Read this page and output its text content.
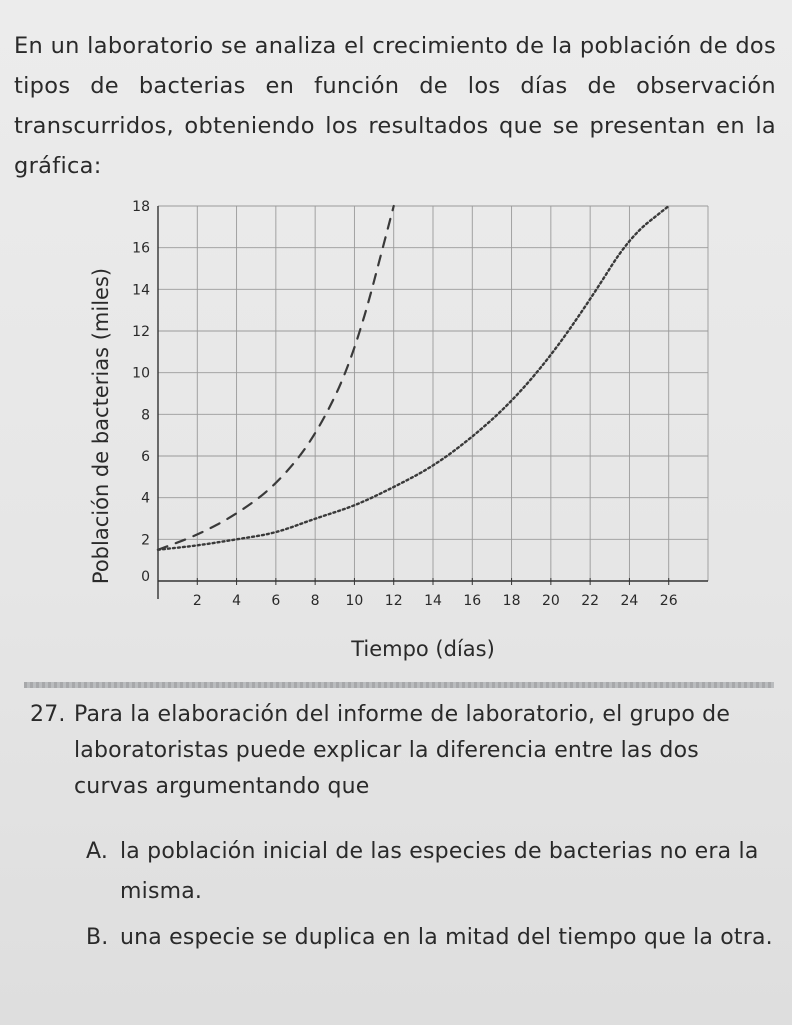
En un laboratorio se analiza el crecimiento de la población de dos tipos de bacterias en función de los días de observación transcurridos, obteniendo los resultados que se presentan en la gráfica:

0
2
4
6
8
10
12
14
16
18
2 4 6 8 10 12 14 16 18 20 22 24 26
Población de bacterias (miles)
Tiempo (días)
27. Para la elaboración del informe de laboratorio, el grupo de laboratoristas puede explicar la diferencia entre las dos curvas argumentando que
A. la población inicial de las especies de bacterias no era la misma.
B. una especie se duplica en la mitad del tiempo que la otra.
